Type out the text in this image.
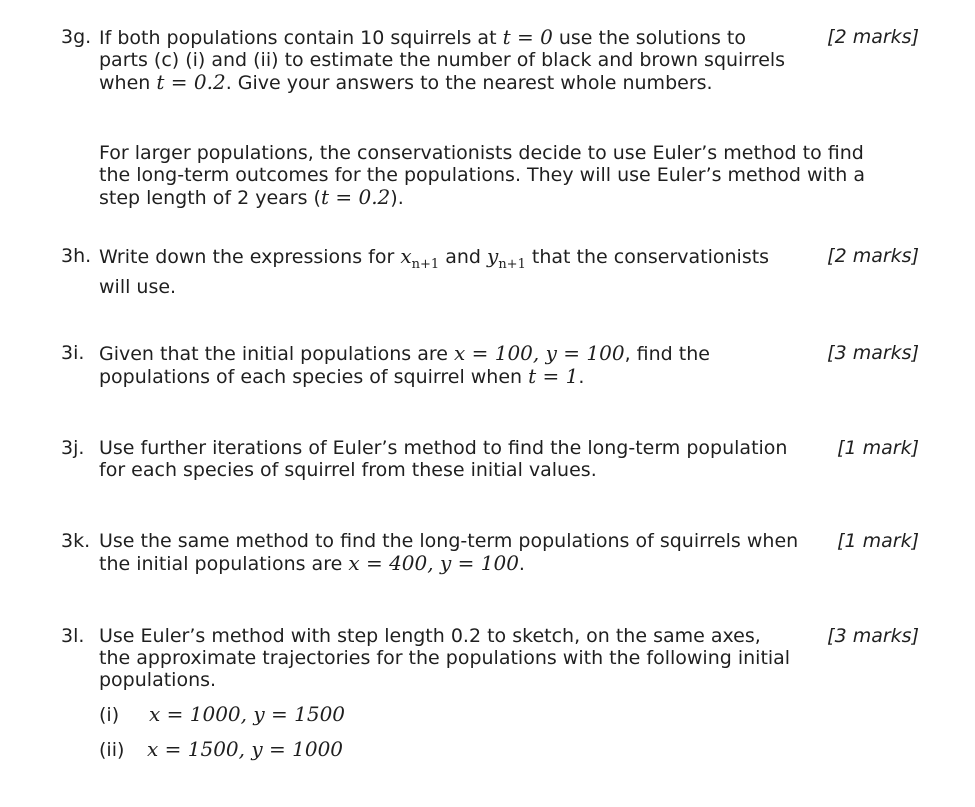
3g.	[2 marks]
If both populations contain 10 squirrels at t = 0 use the solutions to
parts (c) (i) and (ii) to estimate the number of black and brown squirrels
when t = 0.2. Give your answers to the nearest whole numbers.
For larger populations, the conservationists decide to use Euler’s method to find
the long-term outcomes for the populations. They will use Euler’s method with a
step length of 2 years (t = 0.2).
3h.	[2 marks]
Write down the expressions for $x_{n+1}$ and $y_{n+1}$ that the conservationists
will use.
3i.	[3 marks]
Given that the initial populations are x = 100, y = 100, find the
populations of each species of squirrel when t = 1.
3j.	[1 mark]
Use further iterations of Euler’s method to find the long-term population
for each species of squirrel from these initial values.
3k.	[1 mark]
Use the same method to find the long-term populations of squirrels when
the initial populations are x = 400, y = 100.
3l.	[3 marks]
Use Euler’s method with step length 0.2 to sketch, on the same axes,
the approximate trajectories for the populations with the following initial
populations.
(i) x = 1000, y = 1500
(ii) x = 1500, y = 1000
